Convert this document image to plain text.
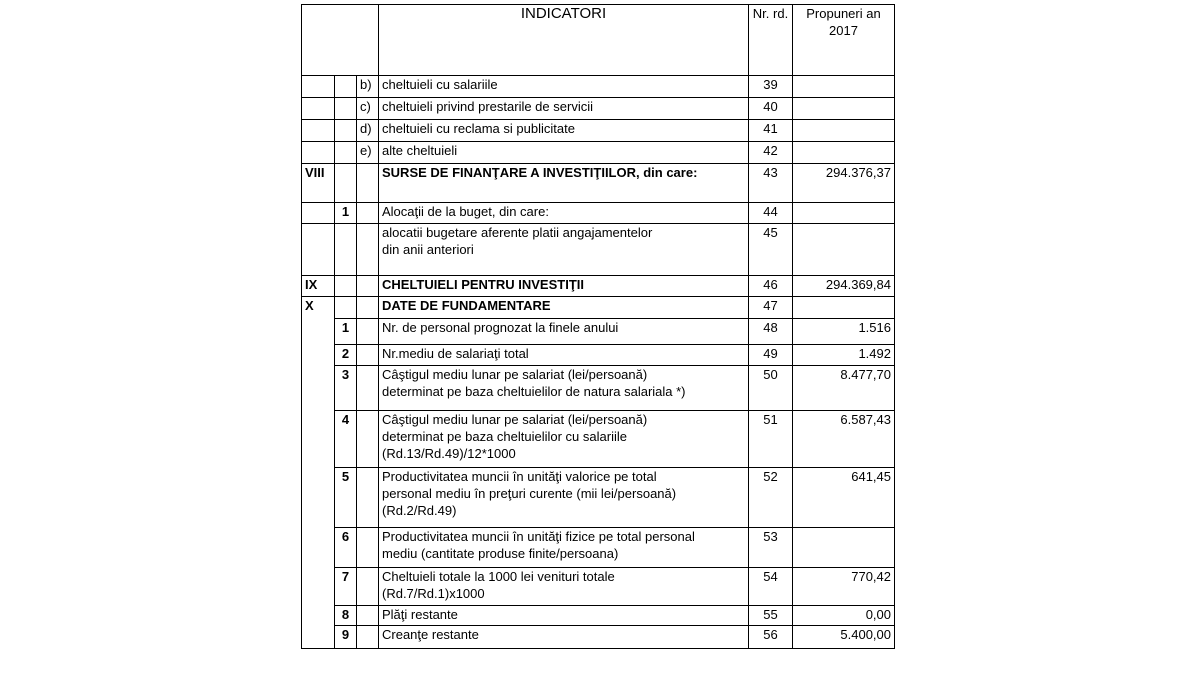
			INDICATORI	Nr. rd.	Propuneri an
2017

		b)	cheltuieli cu salariile	39	
		c)	cheltuieli privind prestarile de servicii	40	
		d)	cheltuieli cu reclama si publicitate	41	
		e)	alte cheltuieli	42	
VIII			SURSE DE FINANŢARE A INVESTIŢIILOR, din care:	43	294.376,37
	1		Alocaţii de la buget, din care:	44	

			alocatii bugetare aferente platii angajamentelor
din anii anteriori	45	
IX			CHELTUIELI PENTRU INVESTIŢII	46	294.369,84
X			DATE DE FUNDAMENTARE	47	
	1		Nr. de personal prognozat la finele anului	48	1.516
	2		Nr.mediu de salariaţi total	49	1.492
	3		Câştigul mediu lunar pe salariat (lei/persoană)
determinat pe baza cheltuielilor de natura salariala *)	50	8.477,70
	4		Câştigul mediu lunar pe salariat (lei/persoană)
determinat pe baza cheltuielilor cu salariile
(Rd.13/Rd.49)/12*1000	51	6.587,43
	5		Productivitatea muncii în unităţi valorice pe total
personal mediu în preţuri curente (mii lei/persoană)
(Rd.2/Rd.49)	52	641,45
	6		Productivitatea muncii în unităţi fizice pe total personal
mediu (cantitate produse finite/persoana)	53	
	7		Cheltuieli totale la 1000 lei venituri totale
(Rd.7/Rd.1)x1000	54	770,42
	8		Plăţi restante	55	0,00
	9		Creanţe restante	56	5.400,00
